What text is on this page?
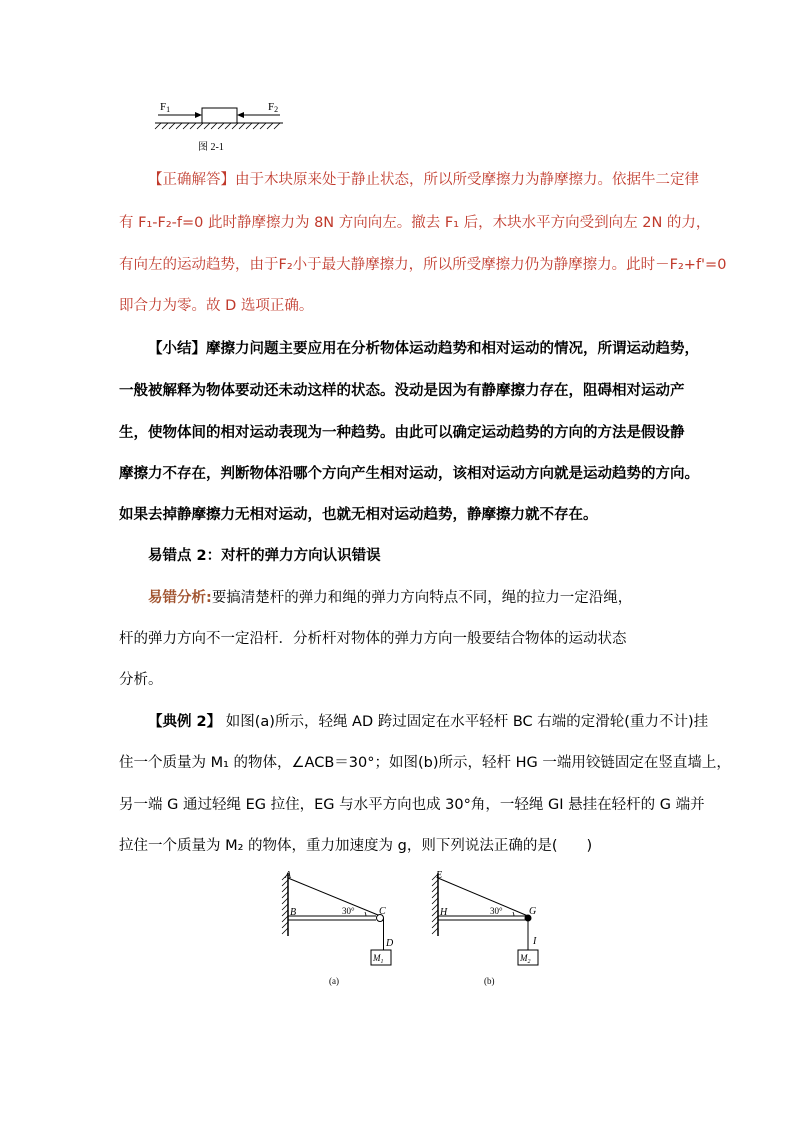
F1	F2
图 2-1
【正确解答】由于木块原来处于静止状态，所以所受摩擦力为静摩擦力。依据牛二定律
有 F₁-F₂-f=0 此时静摩擦力为 8N 方向向左。撤去 F₁ 后，木块水平方向受到向左 2N 的力，
有向左的运动趋势，由于F₂小于最大静摩擦力，所以所受摩擦力仍为静摩擦力。此时－F₂+f'=0
即合力为零。故 D 选项正确。
【小结】摩擦力问题主要应用在分析物体运动趋势和相对运动的情况，所谓运动趋势，
一般被解释为物体要动还未动这样的状态。没动是因为有静摩擦力存在，阻碍相对运动产
生，使物体间的相对运动表现为一种趋势。由此可以确定运动趋势的方向的方法是假设静
摩擦力不存在，判断物体沿哪个方向产生相对运动，该相对运动方向就是运动趋势的方向。
如果去掉静摩擦力无相对运动，也就无相对运动趋势，静摩擦力就不存在。
易错点 2：对杆的弹力方向认识错误
易错分析:要搞清楚杆的弹力和绳的弹力方向特点不同，绳的拉力一定沿绳，
杆的弹力方向不一定沿杆．分析杆对物体的弹力方向一般要结合物体的运动状态
分析。
【典例 2】 如图(a)所示，轻绳 AD 跨过固定在水平轻杆 BC 右端的定滑轮(重力不计)挂
住一个质量为 M₁ 的物体，∠ACB＝30°；如图(b)所示，轻杆 HG 一端用铰链固定在竖直墙上，
另一端 G 通过轻绳 EG 拉住，EG 与水平方向也成 30°角，一轻绳 GI 悬挂在轻杆的 G 端并
拉住一个质量为 M₂ 的物体，重力加速度为 g，则下列说法正确的是(　　)
A
B	C
D
30°
$M_1$
(a)
E
H	G
I
30°
$M_2$
(b)
